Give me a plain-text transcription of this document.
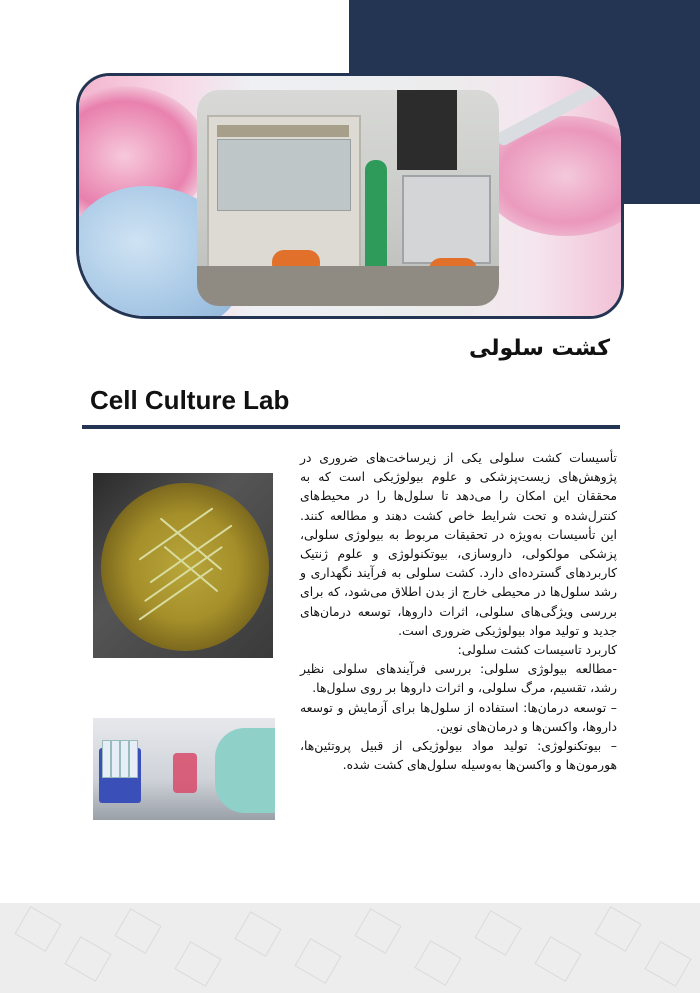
کشت سلولی
Cell Culture Lab

تأسیسات کشت سلولی یکی از زیرساخت‌های ضروری در پژوهش‌های زیست‌پزشکی و علوم بیولوژیکی است که به محققان این امکان را می‌دهد تا سلول‌ها را در محیط‌های کنترل‌شده و تحت شرایط خاص کشت دهند و مطالعه کنند. این تأسیسات به‌ویژه در تحقیقات مربوط به بیولوژی سلولی، پزشکی مولکولی، داروسازی، بیوتکنولوژی و علوم ژنتیک کاربردهای گسترده‌ای دارد. کشت سلولی به فرآیند نگهداری و رشد سلول‌ها در محیطی خارج از بدن اطلاق می‌شود، که برای بررسی ویژگی‌های سلولی، اثرات داروها، توسعه درمان‌های جدید و تولید مواد بیولوژیکی ضروری است.

کاربرد تاسیسات کشت سلولی:

-مطالعه بیولوژی سلولی: بررسی فرآیندهای سلولی نظیر رشد، تقسیم، مرگ سلولی، و اثرات داروها بر روی سلول‌ها.

– توسعه درمان‌ها: استفاده از سلول‌ها برای آزمایش و توسعه داروها، واکسن‌ها و درمان‌های نوین.

– بیوتکنولوژی: تولید مواد بیولوژیکی از قبیل پروتئین‌ها، هورمون‌ها و واکسن‌ها به‌وسیله سلول‌های کشت شده.
